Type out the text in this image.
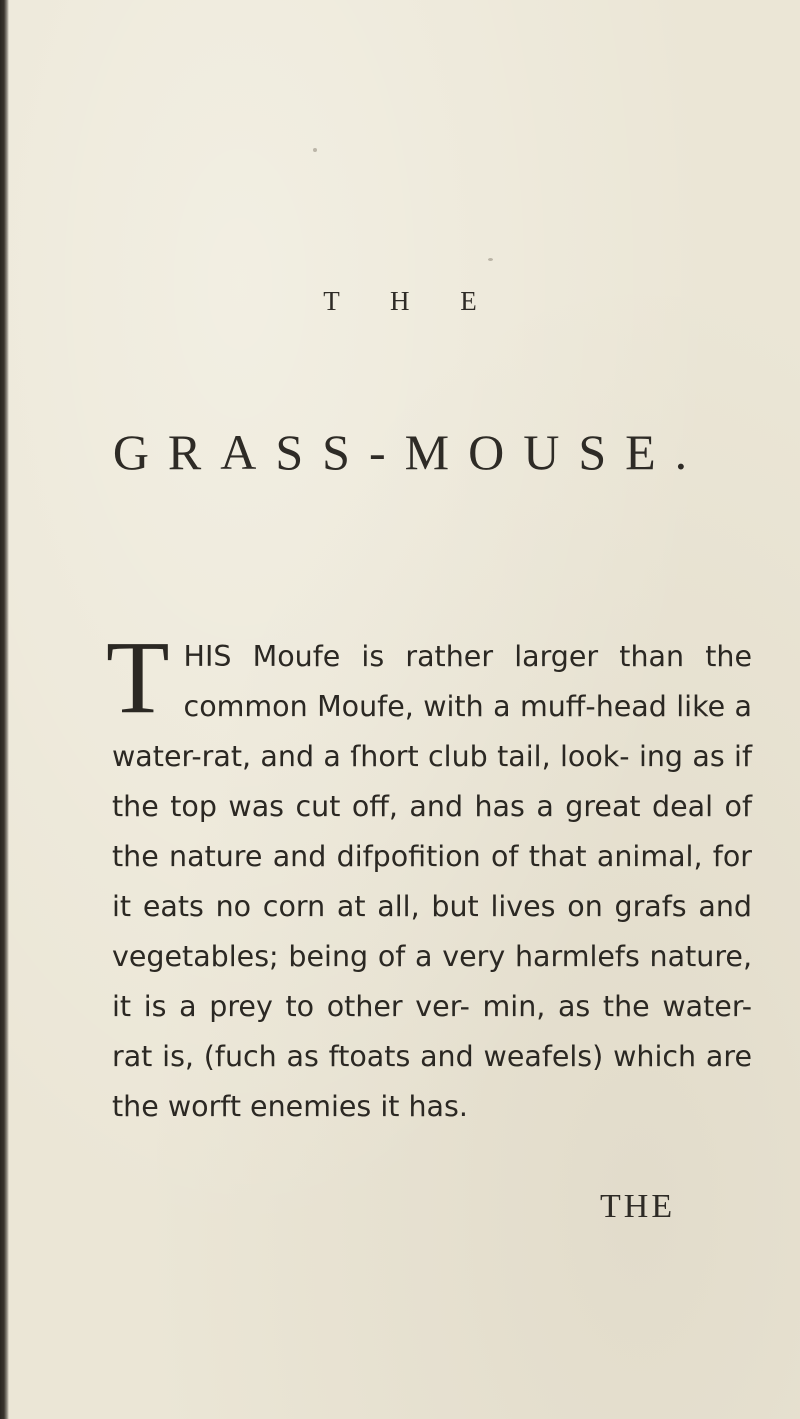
T H E
GRASS-MOUSE.
T HIS Moufe is rather larger than the common Moufe, with a muff-head like a water-rat, and a ſhort club tail, look- ing as if the top was cut off, and has a great deal of the nature and difpofition of that animal, for it eats no corn at all, but lives on grafs and vegetables; being of a very harmlefs nature, it is a prey to other ver- min, as the water-rat is, (fuch as ftoats and weafels) which are the worft enemies it has.
THE
